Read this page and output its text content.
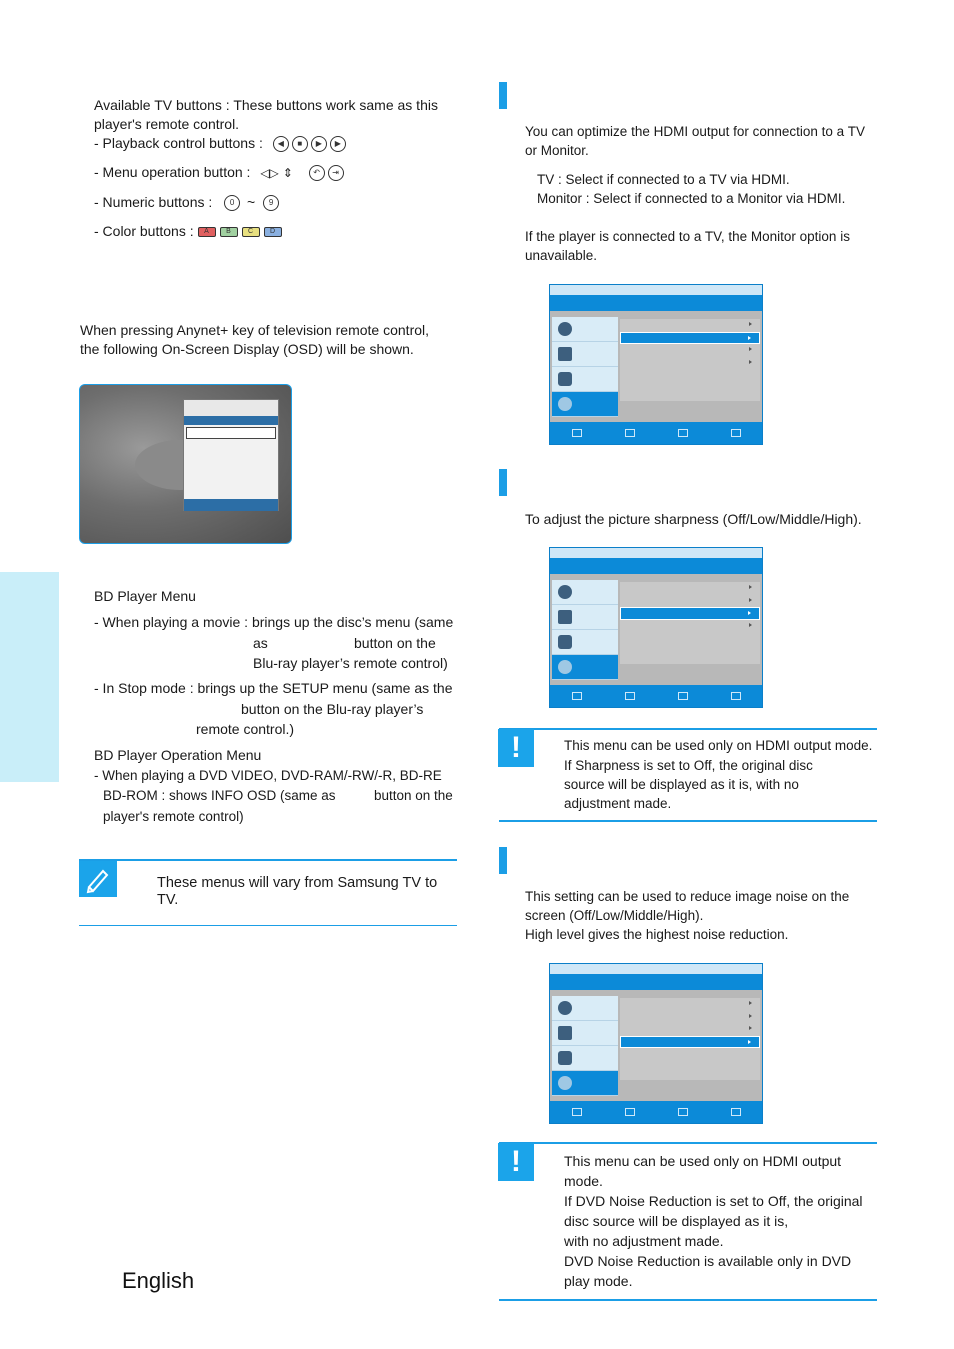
Available TV buttons : These buttons work same as this
player's remote control.
- Playback control buttons : ◀ ■ ▶ ▶
- Menu operation button : ◁▷ ⇕	↶ ⇥
- Numeric buttons : 0 ~ 9
- Color buttons : A B C D
When pressing Anynet+ key of television remote control,
the following On-Screen Display (OSD) will be shown.
BD Player Menu
- When playing a movie : brings up the disc’s menu (same
as	button on the
Blu-ray player’s remote control)
- In Stop mode : brings up the SETUP menu (same as the
button on the Blu-ray player’s
remote control.)
BD Player Operation Menu
- When playing a DVD VIDEO, DVD-RAM/-RW/-R, BD-RE
BD-ROM : shows INFO OSD (same as	button on the
player's remote control)
These menus will vary from Samsung TV to
TV.
English
You can optimize the HDMI output for connection to a TV
or Monitor.
TV : Select if connected to a TV via HDMI.
Monitor : Select if connected to a Monitor via HDMI.
If the player is connected to a TV, the Monitor option is
unavailable.
To adjust the picture sharpness (Off/Low/Middle/High).
!	This menu can be used only on HDMI output mode.
If Sharpness is set to Off, the original disc
source will be displayed as it is, with no
adjustment made.
This setting can be used to reduce image noise on the
screen (Off/Low/Middle/High).
High level gives the highest noise reduction.
!	This menu can be used only on HDMI output
mode.
If DVD Noise Reduction is set to Off, the original
disc source will be displayed as it is,
with no adjustment made.
DVD Noise Reduction is available only in DVD
play mode.
